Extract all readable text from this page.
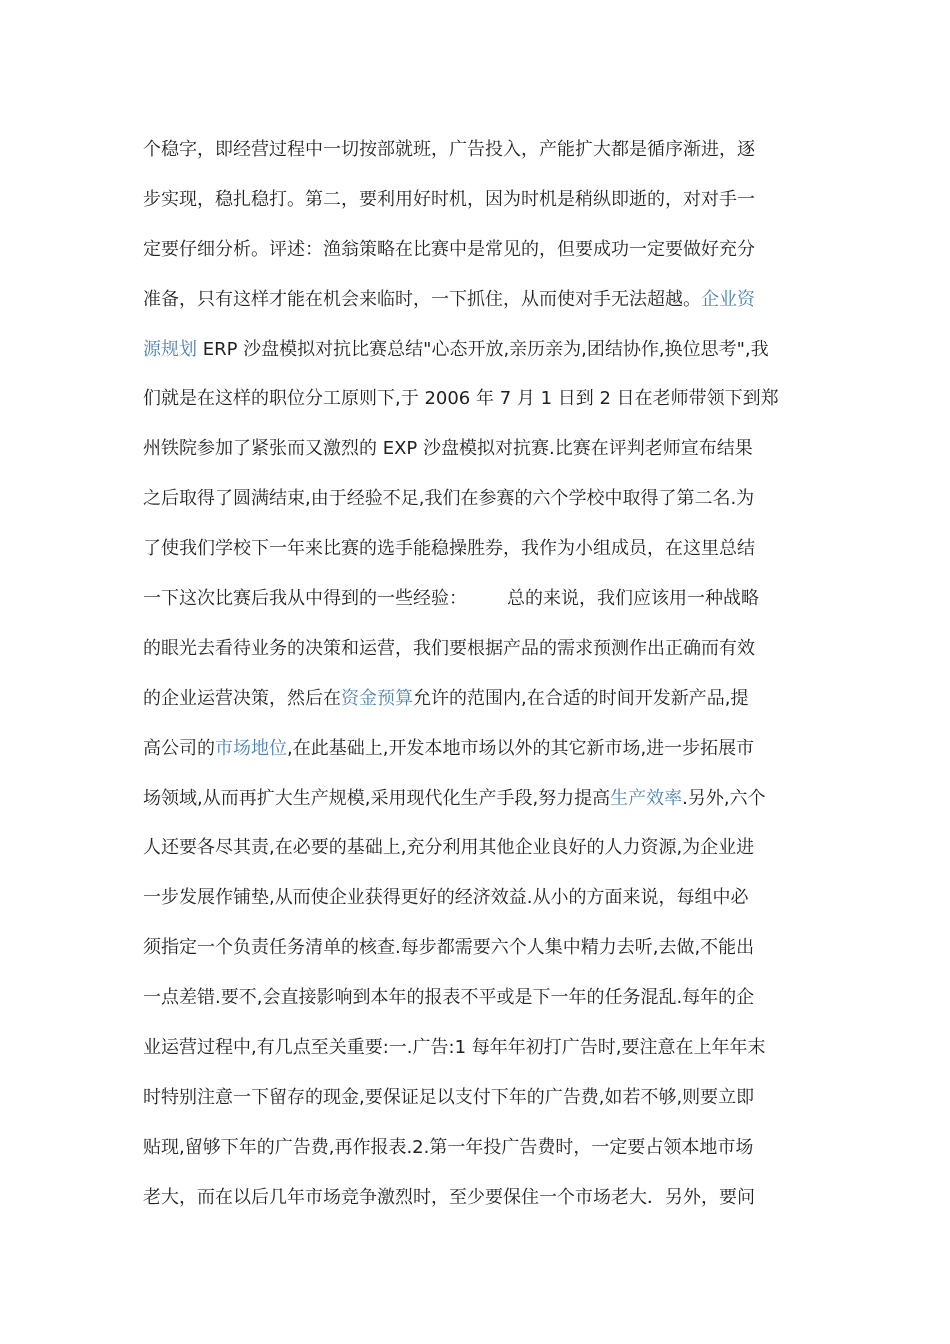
个稳字，即经营过程中一切按部就班，广告投入，产能扩大都是循序渐进，逐
步实现，稳扎稳打。第二，要利用好时机，因为时机是稍纵即逝的，对对手一
定要仔细分析。评述：渔翁策略在比赛中是常见的，但要成功一定要做好充分
准备，只有这样才能在机会来临时，一下抓住，从而使对手无法超越。企业资
源规划 ERP 沙盘模拟对抗比赛总结"心态开放,亲历亲为,团结协作,换位思考",我
们就是在这样的职位分工原则下,于 2006 年 7 月 1 日到 2 日在老师带领下到郑
州铁院参加了紧张而又激烈的 EXP 沙盘模拟对抗赛.比赛在评判老师宣布结果
之后取得了圆满结束,由于经验不足,我们在参赛的六个学校中取得了第二名.为
了使我们学校下一年来比赛的选手能稳操胜券，我作为小组成员，在这里总结
一下这次比赛后我从中得到的一些经验： 总的来说，我们应该用一种战略
的眼光去看待业务的决策和运营，我们要根据产品的需求预测作出正确而有效
的企业运营决策，然后在资金预算允许的范围内,在合适的时间开发新产品,提
高公司的市场地位,在此基础上,开发本地市场以外的其它新市场,进一步拓展市
场领域,从而再扩大生产规模,采用现代化生产手段,努力提高生产效率.另外,六个
人还要各尽其责,在必要的基础上,充分利用其他企业良好的人力资源,为企业进
一步发展作铺垫,从而使企业获得更好的经济效益.从小的方面来说，每组中必
须指定一个负责任务清单的核查.每步都需要六个人集中精力去听,去做,不能出
一点差错.要不,会直接影响到本年的报表不平或是下一年的任务混乱.每年的企
业运营过程中,有几点至关重要:一.广告:1 每年年初打广告时,要注意在上年年末
时特别注意一下留存的现金,要保证足以支付下年的广告费,如若不够,则要立即
贴现,留够下年的广告费,再作报表.2.第一年投广告费时，一定要占领本地市场
老大，而在以后几年市场竞争激烈时，至少要保住一个市场老大．另外，要问
